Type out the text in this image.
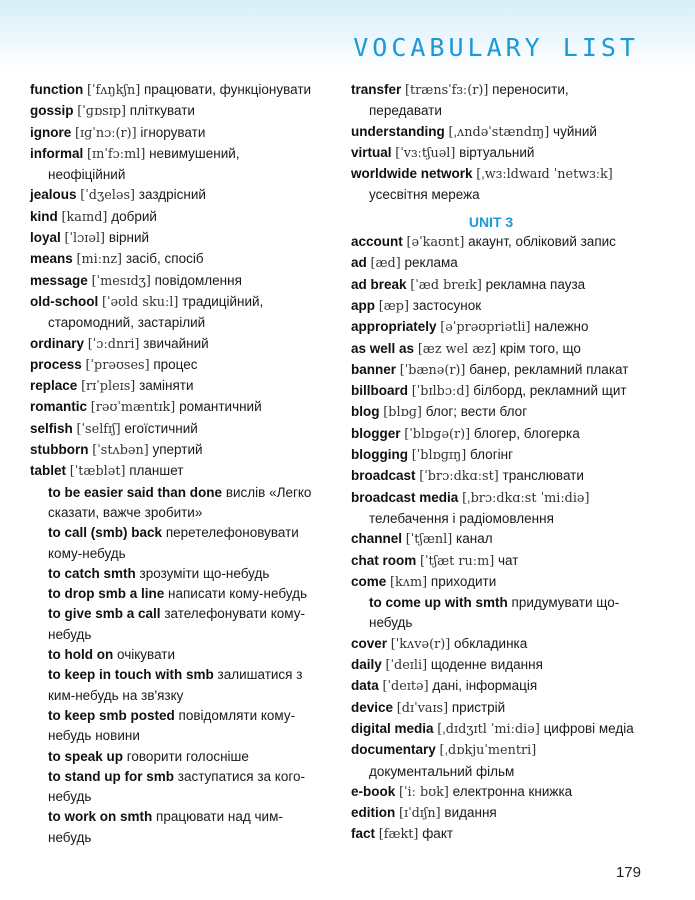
VOCABULARY LIST
function [ˈfʌŋkʃn] працювати, функціонувати
gossip [ˈɡɒsɪp] пліткувати
ignore [ɪɡˈnɔː(r)] ігнорувати
informal [ɪnˈfɔːml] невимушений,
неофіційний
jealous [ˈdʒeləs] заздрісний
kind [kaɪnd] добрий
loyal [ˈlɔɪəl] вірний
means [miːnz] засіб, спосіб
message [ˈmesɪdʒ] повідомлення
old-school [ˈəʊld skuːl] традиційний,
старомодний, застарілий
ordinary [ˈɔːdnri] звичайний
process [ˈprəʊses] процес
replace [rɪˈpleɪs] заміняти
romantic [rəʊˈmæntɪk] романтичний
selfish [ˈselfɪʃ] егоїстичний
stubborn [ˈstʌbən] упертий
tablet [ˈtæblət] планшет
to be easier said than done вислів «Легко
сказати, важче зробити»
to call (smb) back перетелефоновувати
кому-небудь
to catch smth зрозуміти що-небудь
to drop smb a line написати кому-небудь
to give smb a call зателефонувати кому-
небудь
to hold on очікувати
to keep in touch with smb залишатися з
ким-небудь на зв'язку
to keep smb posted повідомляти кому-
небудь новини
to speak up говорити голосніше
to stand up for smb заступатися за кого-
небудь
to work on smth працювати над чим-
небудь
transfer [trænsˈfɜː(r)] переносити,
передавати
understanding [ˌʌndəˈstændɪŋ] чуйний
virtual [ˈvɜːtʃuəl] віртуальний
worldwide network [ˌwɜːldwaɪd ˈnetwɜːk]
усесвітня мережа
UNIT 3
account [əˈkaʊnt] акаунт, обліковий запис
ad [æd] реклама
ad break [ˈæd breɪk] рекламна пауза
app [æp] застосунок
appropriately [əˈprəʊpriətli] належно
as well as [æz wel æz] крім того, що
banner [ˈbænə(r)] банер, рекламний плакат
billboard [ˈbɪlbɔːd] білборд, рекламний щит
blog [blɒɡ] блог; вести блог
blogger [ˈblɒɡə(r)] блогер, блогерка
blogging [ˈblɒɡɪŋ] блогінг
broadcast [ˈbrɔːdkɑːst] транслювати
broadcast media [ˌbrɔːdkɑːst ˈmiːdiə]
телебачення і радіомовлення
channel [ˈtʃænl] канал
chat room [ˈtʃæt ruːm] чат
come [kʌm] приходити
to come up with smth придумувати що-
небудь
cover [ˈkʌvə(r)] обкладинка
daily [ˈdeɪli] щоденне видання
data [ˈdeɪtə] дані, інформація
device [dɪˈvaɪs] пристрій
digital media [ˌdɪdʒɪtl ˈmiːdiə] цифрові медіа
documentary [ˌdɒkjuˈmentri]
документальний фільм
e-book [ˈiː bʊk] електронна книжка
edition [ɪˈdɪʃn] видання
fact [fækt] факт
179
